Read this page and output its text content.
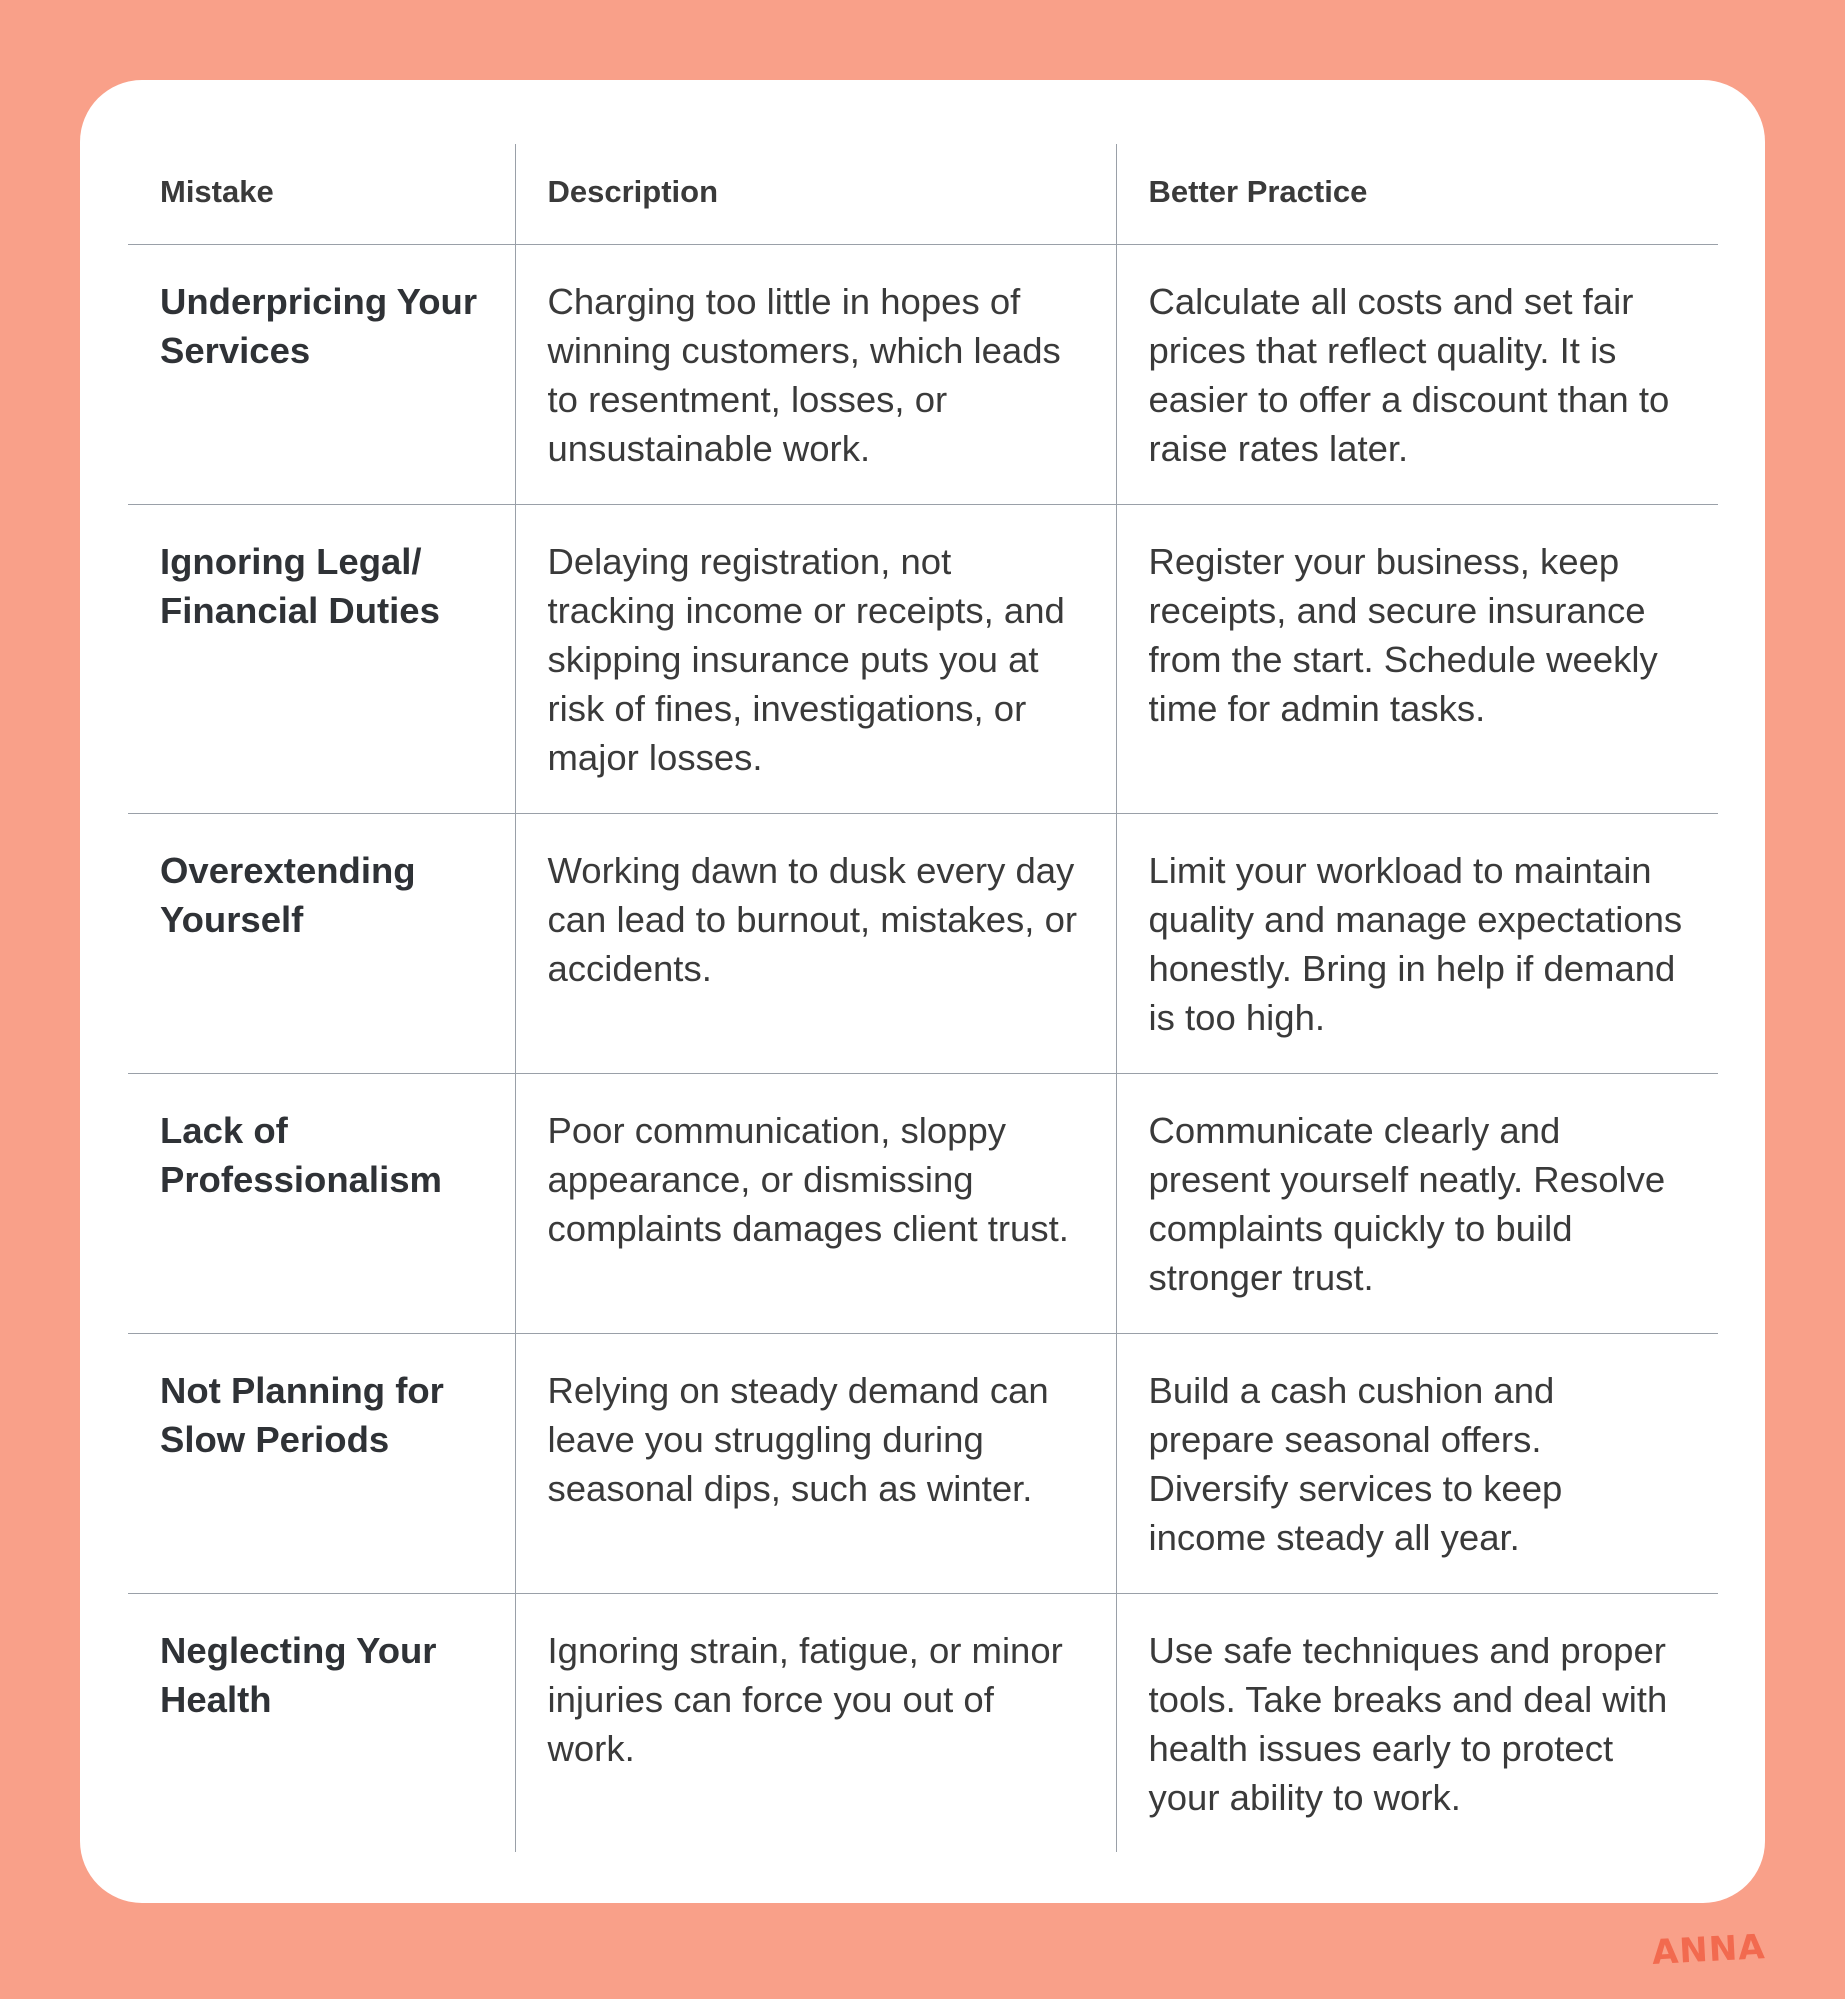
Mistake	Description	Better Practice
Underpricing Your Services	Charging too little in hopes of winning customers, which leads to resentment, losses, or unsustainable work.	Calculate all costs and set fair prices that reflect quality. It is easier to offer a discount than to raise rates later.
Ignoring Legal/ Financial Duties	Delaying registration, not tracking income or receipts, and skipping insurance puts you at risk of fines, investigations, or major losses.	Register your business, keep receipts, and secure insurance from the start. Schedule weekly time for admin tasks.
Overextending Yourself	Working dawn to dusk every day can lead to burnout, mistakes, or accidents.	Limit your workload to maintain quality and manage expectations honestly. Bring in help if demand is too high.
Lack of Professionalism	Poor communication, sloppy appearance, or dismissing complaints damages client trust.	Communicate clearly and present yourself neatly. Resolve complaints quickly to build stronger trust.
Not Planning for Slow Periods	Relying on steady demand can leave you struggling during seasonal dips, such as winter.	Build a cash cushion and prepare seasonal offers. Diversify services to keep income steady all year.
Neglecting Your Health	Ignoring strain, fatigue, or minor injuries can force you out of work.	Use safe techniques and proper tools. Take breaks and deal with health issues early to protect your ability to work.
ANNA
